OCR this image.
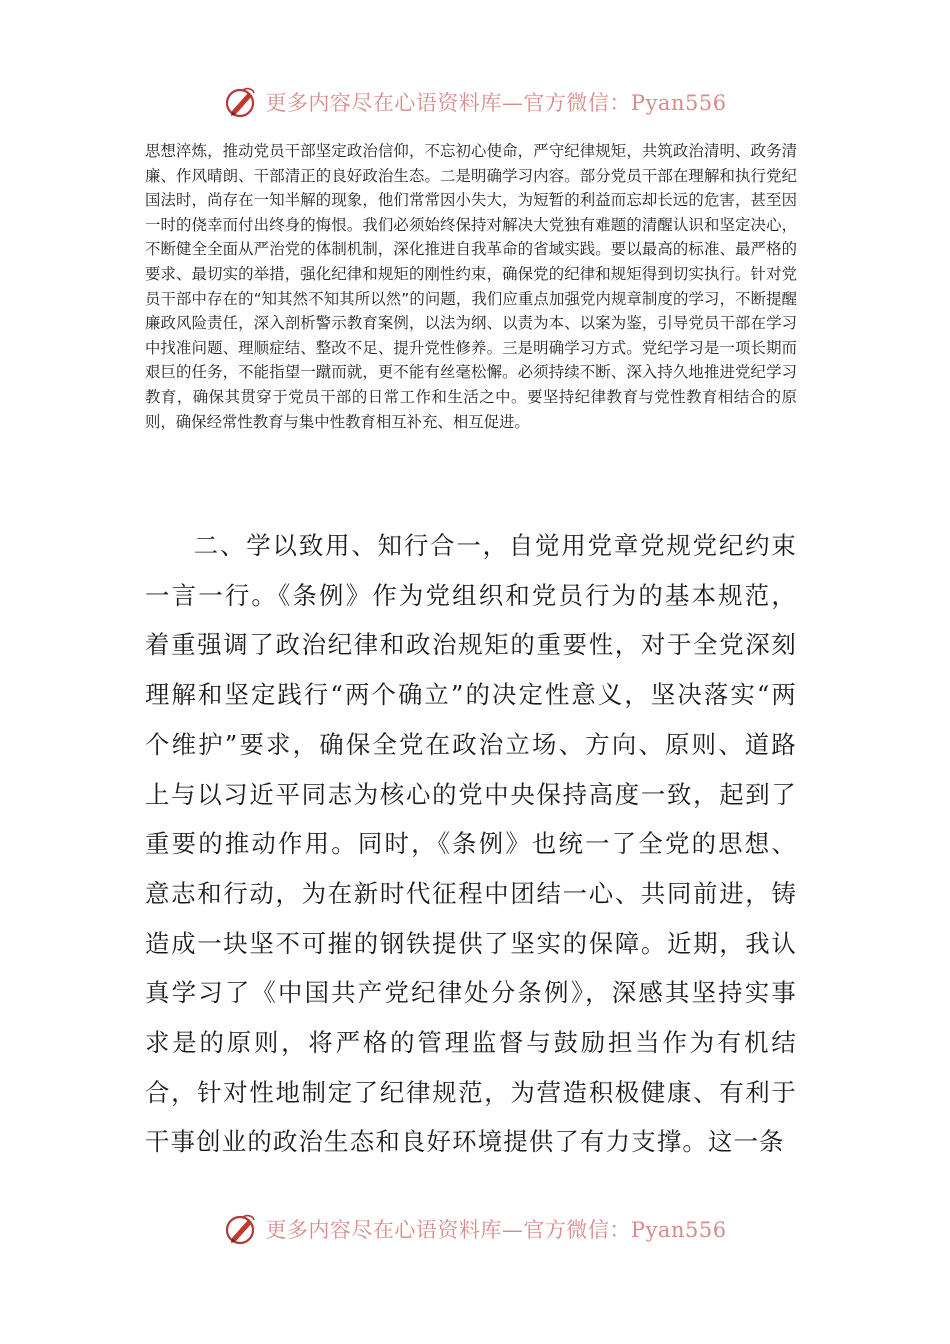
更多内容尽在心语资料库—官方微信：Pyan556
思想淬炼，推动党员干部坚定政治信仰，不忘初心使命，严守纪律规矩，共筑政治清明、政务清廉、作风晴朗、干部清正的良好政治生态。二是明确学习内容。部分党员干部在理解和执行党纪国法时，尚存在一知半解的现象，他们常常因小失大，为短暂的利益而忘却长远的危害，甚至因一时的侥幸而付出终身的悔恨。我们必须始终保持对解决大党独有难题的清醒认识和坚定决心，不断健全全面从严治党的体制机制，深化推进自我革命的省域实践。要以最高的标准、最严格的要求、最切实的举措，强化纪律和规矩的刚性约束，确保党的纪律和规矩得到切实执行。针对党员干部中存在的“知其然不知其所以然”的问题，我们应重点加强党内规章制度的学习，不断提醒廉政风险责任，深入剖析警示教育案例，以法为纲、以责为本、以案为鉴，引导党员干部在学习中找准问题、理顺症结、整改不足、提升党性修养。三是明确学习方式。党纪学习是一项长期而艰巨的任务，不能指望一蹴而就，更不能有丝毫松懈。必须持续不断、深入持久地推进党纪学习教育，确保其贯穿于党员干部的日常工作和生活之中。要坚持纪律教育与党性教育相结合的原则，确保经常性教育与集中性教育相互补充、相互促进。
二、学以致用、知行合一，自觉用党章党规党纪约束一言一行。《条例》作为党组织和党员行为的基本规范，着重强调了政治纪律和政治规矩的重要性，对于全党深刻理解和坚定践行“两个确立”的决定性意义，坚决落实“两个维护”要求，确保全党在政治立场、方向、原则、道路上与以习近平同志为核心的党中央保持高度一致，起到了重要的推动作用。同时，《条例》也统一了全党的思想、意志和行动，为在新时代征程中团结一心、共同前进，铸造成一块坚不可摧的钢铁提供了坚实的保障。近期，我认真学习了《中国共产党纪律处分条例》，深感其坚持实事求是的原则，将严格的管理监督与鼓励担当作为有机结合，针对性地制定了纪律规范，为营造积极健康、有利于干事创业的政治生态和良好环境提供了有力支撑。这一条
更多内容尽在心语资料库—官方微信：Pyan556
